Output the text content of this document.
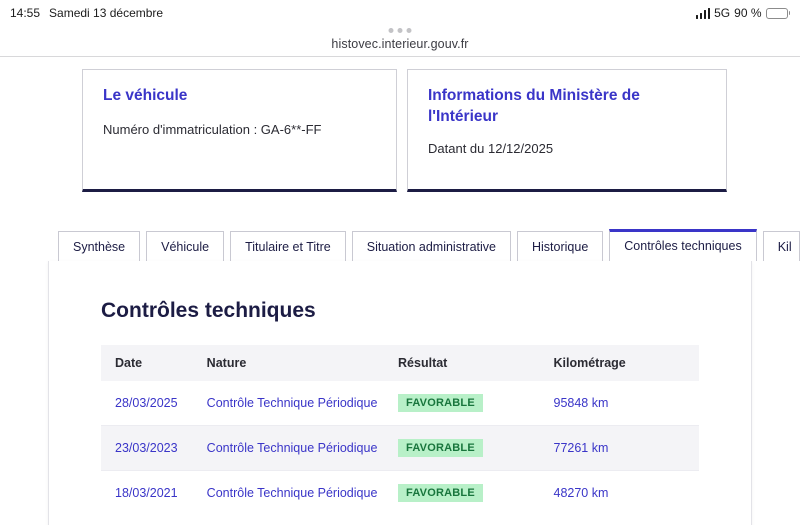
14:55 Samedi 13 décembre	5G 90 %
histovec.interieur.gouv.fr

Le véhicule

Numéro d'immatriculation : GA-6**-FF

Informations du Ministère de l'Intérieur

Datant du 12/12/2025

Synthèse	Véhicule	Titulaire et Titre	Situation administrative	Historique	Contrôles techniques	Kil
Contrôles techniques
Date	Nature	Résultat	Kilométrage
28/03/2025	Contrôle Technique Périodique	FAVORABLE	95848 km
23/03/2023	Contrôle Technique Périodique	FAVORABLE	77261 km
18/03/2021	Contrôle Technique Périodique	FAVORABLE	48270 km
